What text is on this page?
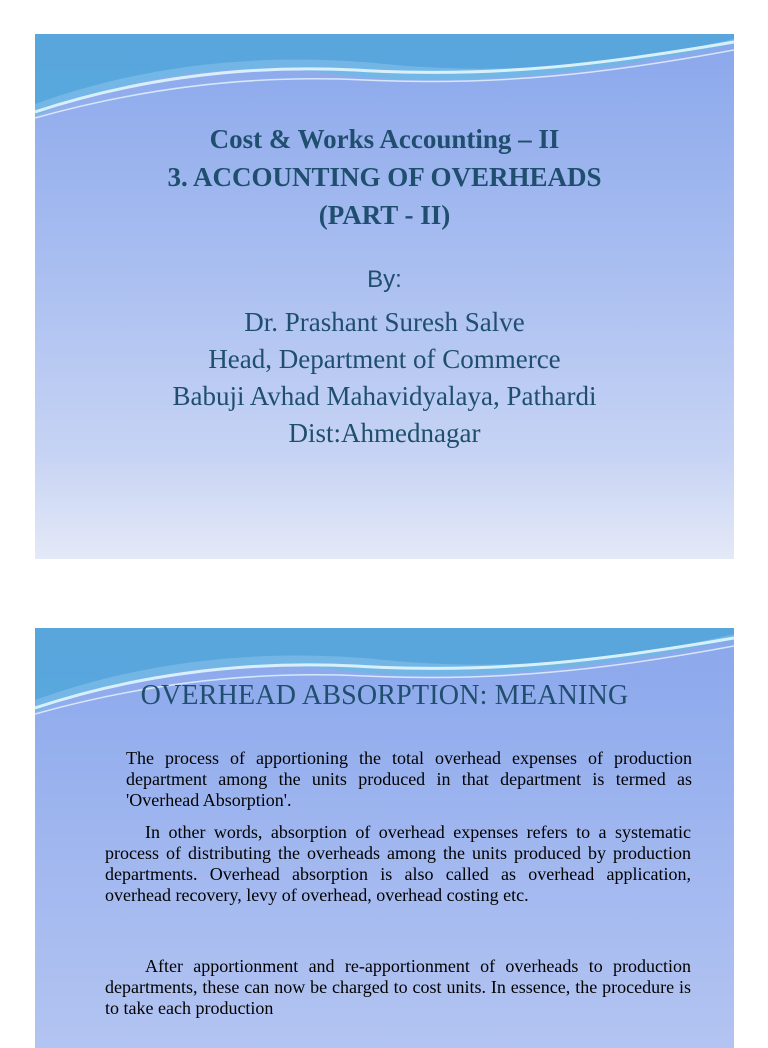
Cost & Works Accounting – II
3. ACCOUNTING OF OVERHEADS
(PART - II)
By:
Dr. Prashant Suresh Salve
Head, Department of Commerce
Babuji Avhad Mahavidyalaya, Pathardi
Dist:Ahmednagar
OVERHEAD ABSORPTION: MEANING

The process of apportioning the total overhead expenses of production department among the units produced in that department is termed as 'Overhead Absorption'.

In other words, absorption of overhead expenses refers to a systematic process of distributing the overheads among the units produced by production departments. Overhead absorption is also called as overhead application, overhead recovery, levy of overhead, overhead costing etc.

After apportionment and re-apportionment of overheads to production departments, these can now be charged to cost units. In essence, the procedure is to take each production
